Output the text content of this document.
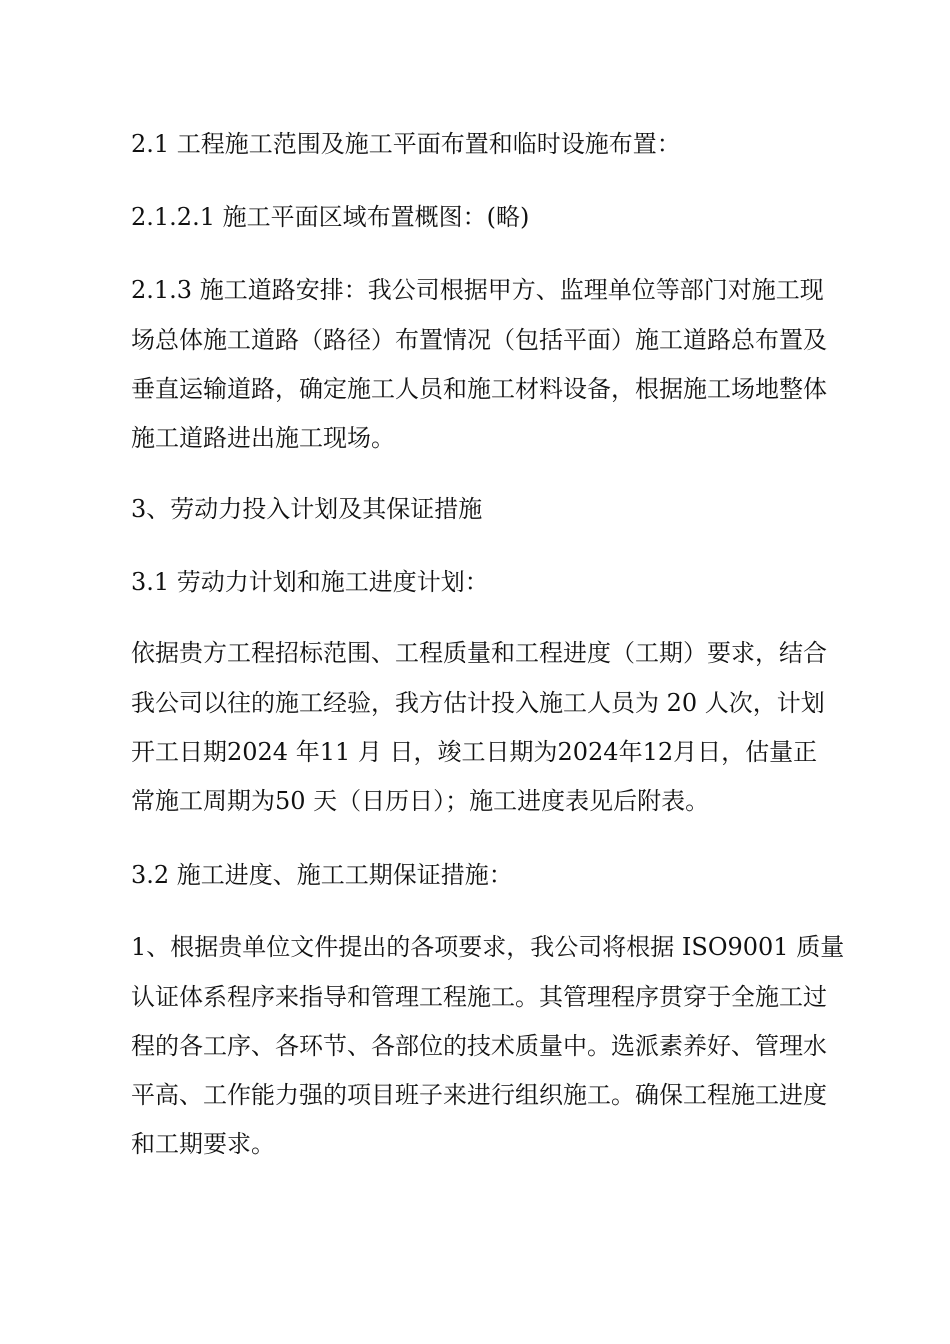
2.1 工程施工范围及施工平面布置和临时设施布置：
2.1.2.1 施工平面区域布置概图：(略)
2.1.3 施工道路安排：我公司根据甲方、监理单位等部门对施工现
场总体施工道路（路径）布置情况（包括平面）施工道路总布置及
垂直运输道路，确定施工人员和施工材料设备，根据施工场地整体
施工道路进出施工现场。
3、劳动力投入计划及其保证措施
3.1 劳动力计划和施工进度计划：
依据贵方工程招标范围、工程质量和工程进度（工期）要求，结合
我公司以往的施工经验，我方估计投入施工人员为 20 人次，计划
开工日期2024 年11 月 日，竣工日期为2024年12月日，估量正
常施工周期为50 天（日历日）；施工进度表见后附表。
3.2 施工进度、施工工期保证措施：
1、根据贵单位文件提出的各项要求，我公司将根据 ISO9001 质量
认证体系程序来指导和管理工程施工。其管理程序贯穿于全施工过
程的各工序、各环节、各部位的技术质量中。选派素养好、管理水
平高、工作能力强的项目班子来进行组织施工。确保工程施工进度
和工期要求。
